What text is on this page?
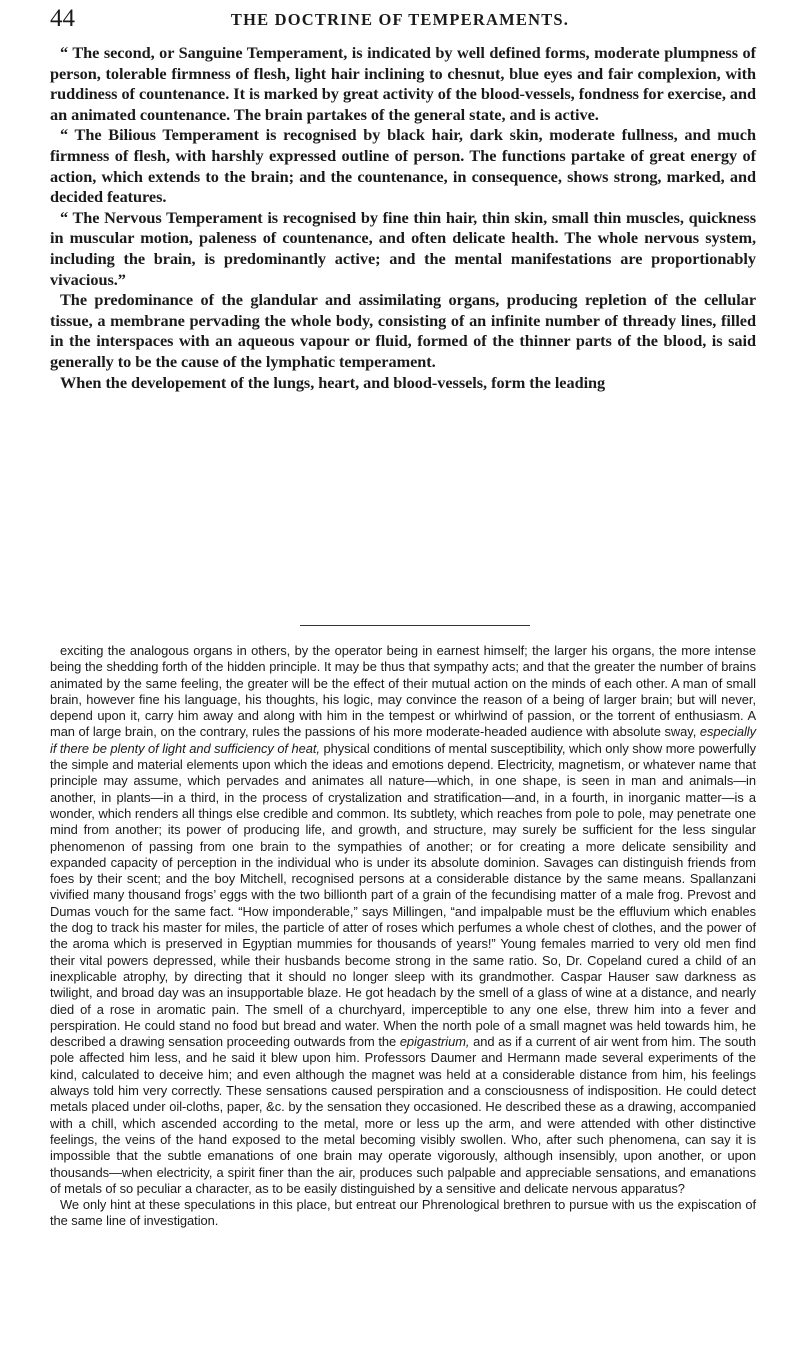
44	THE DOCTRINE OF TEMPERAMENTS.

“ The second, or Sanguine Temperament, is indicated by well defined forms, moderate plumpness of person, tolerable firmness of flesh, light hair inclining to chesnut, blue eyes and fair complexion, with ruddiness of countenance. It is marked by great activity of the blood-vessels, fondness for exercise, and an animated countenance. The brain partakes of the general state, and is active.

“ The Bilious Temperament is recognised by black hair, dark skin, moderate fullness, and much firmness of flesh, with harshly expressed outline of person. The functions partake of great energy of action, which extends to the brain; and the countenance, in consequence, shows strong, marked, and decided features.

“ The Nervous Temperament is recognised by fine thin hair, thin skin, small thin muscles, quickness in muscular motion, paleness of countenance, and often delicate health. The whole nervous system, including the brain, is predominantly active; and the mental manifestations are proportionably vivacious.”

The predominance of the glandular and assimilating organs, producing repletion of the cellular tissue, a membrane pervading the whole body, consisting of an infinite number of thready lines, filled in the interspaces with an aqueous vapour or fluid, formed of the thinner parts of the blood, is said generally to be the cause of the lymphatic temperament.

When the developement of the lungs, heart, and blood-vessels, form the leading

exciting the analogous organs in others, by the operator being in earnest himself; the larger his organs, the more intense being the shedding forth of the hidden principle. It may be thus that sympathy acts; and that the greater the number of brains animated by the same feeling, the greater will be the effect of their mutual action on the minds of each other. A man of small brain, however fine his language, his thoughts, his logic, may convince the reason of a being of larger brain; but will never, depend upon it, carry him away and along with him in the tempest or whirlwind of passion, or the torrent of enthusiasm. A man of large brain, on the contrary, rules the passions of his more moderate-headed audience with absolute sway, especially if there be plenty of light and sufficiency of heat, physical conditions of mental susceptibility, which only show more powerfully the simple and material elements upon which the ideas and emotions depend. Electricity, magnetism, or whatever name that principle may assume, which pervades and animates all nature—which, in one shape, is seen in man and animals—in another, in plants—in a third, in the process of crystalization and stratification—and, in a fourth, in inorganic matter—is a wonder, which renders all things else credible and common. Its subtlety, which reaches from pole to pole, may penetrate one mind from another; its power of producing life, and growth, and structure, may surely be sufficient for the less singular phenomenon of passing from one brain to the sympathies of another; or for creating a more delicate sensibility and expanded capacity of perception in the individual who is under its absolute dominion. Savages can distinguish friends from foes by their scent; and the boy Mitchell, recognised persons at a considerable distance by the same means. Spallanzani vivified many thousand frogs’ eggs with the two billionth part of a grain of the fecundising matter of a male frog. Prevost and Dumas vouch for the same fact. “How imponderable,” says Millingen, “and impalpable must be the effluvium which enables the dog to track his master for miles, the particle of atter of roses which perfumes a whole chest of clothes, and the power of the aroma which is preserved in Egyptian mummies for thousands of years!” Young females married to very old men find their vital powers depressed, while their husbands become strong in the same ratio. So, Dr. Copeland cured a child of an inexplicable atrophy, by directing that it should no longer sleep with its grandmother. Caspar Hauser saw darkness as twilight, and broad day was an insupportable blaze. He got headach by the smell of a glass of wine at a distance, and nearly died of a rose in aromatic pain. The smell of a churchyard, imperceptible to any one else, threw him into a fever and perspiration. He could stand no food but bread and water. When the north pole of a small magnet was held towards him, he described a drawing sensation proceeding outwards from the epigastrium, and as if a current of air went from him. The south pole affected him less, and he said it blew upon him. Professors Daumer and Hermann made several experiments of the kind, calculated to deceive him; and even although the magnet was held at a considerable distance from him, his feelings always told him very correctly. These sensations caused perspiration and a consciousness of indisposition. He could detect metals placed under oil-cloths, paper, &c. by the sensation they occasioned. He described these as a drawing, accompanied with a chill, which ascended according to the metal, more or less up the arm, and were attended with other distinctive feelings, the veins of the hand exposed to the metal becoming visibly swollen. Who, after such phenomena, can say it is impossible that the subtle emanations of one brain may operate vigorously, although insensibly, upon another, or upon thousands—when electricity, a spirit finer than the air, produces such palpable and appreciable sensations, and emanations of metals of so peculiar a character, as to be easily distinguished by a sensitive and delicate nervous apparatus?

We only hint at these speculations in this place, but entreat our Phrenological brethren to pursue with us the expiscation of the same line of investigation.
